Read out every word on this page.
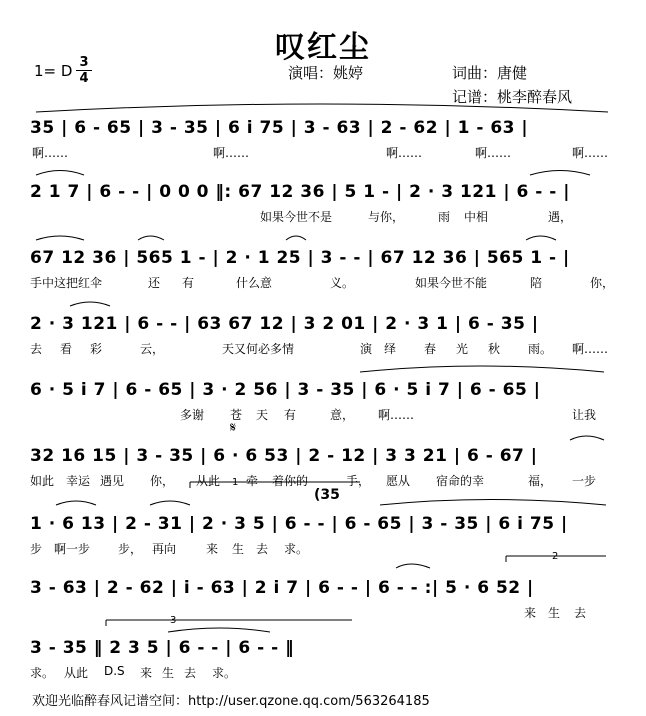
叹红尘
1= D 3
4	演唱：姚婷	词曲：唐健
记谱：桃李醉春风
35 | 6 - 65 | 3 - 35 | 6 i 75 | 3 - 63 | 2 - 62 | 1 - 63 |
啊……	啊……	啊……	啊……	啊……
2 1 7 | 6 - - | 0 0 0 ‖: 67 12 36 | 5 1 - | 2 · 3 121 | 6 - - |
如果今世不是	与你，	雨 中相	遇，
67 12 36 | 565 1 - | 2 · 1 25 | 3 - - | 67 12 36 | 565 1 - |
手中这把红伞	还 有	什么意	义。	如果今世不能	陪	你，
2 · 3 121 | 6 - - | 63 67 12 | 3 2 01 | 2 · 3 1 | 6 - 35 |
去 看 彩	云，	天又何必多情	演 绎 春 光 秋 雨。 啊……
6 · 5 i 7 | 6 - 65 | 3 · 2 56 | 3 - 35 | 6 · 5 i 7 | 6 - 65 |
多谢 苍 天 有	意， 啊……	让我
32 16 15 | 3 - 35 | 6 · 6 53 | 2 - 12 | 3 3 21 | 6 - 67 |
如此 幸运 遇见 你， 从此 牵 着你的	手， 愿从 宿命的幸	福， 一步
1 · 6 13 | 2 - 31 | 2 · 3 5 | 6 - - | 6 - 65 | 3 - 35 | 6 i 75 |
步 啊一步 步， 再向 来 生 去 求。
3 - 63 | 2 - 62 | i - 63 | 2 i 7 | 6 - - | 6 - - :| 5 · 6 52 |
来 生 去
3 - 35 ‖ 2 3 5 | 6 - - | 6 - - ‖
求。 从此 D.S 来 生 去 求。
1
2
3
(35
𝄋
欢迎光临醉春风记谱空间：http://user.qzone.qq.com/563264185
